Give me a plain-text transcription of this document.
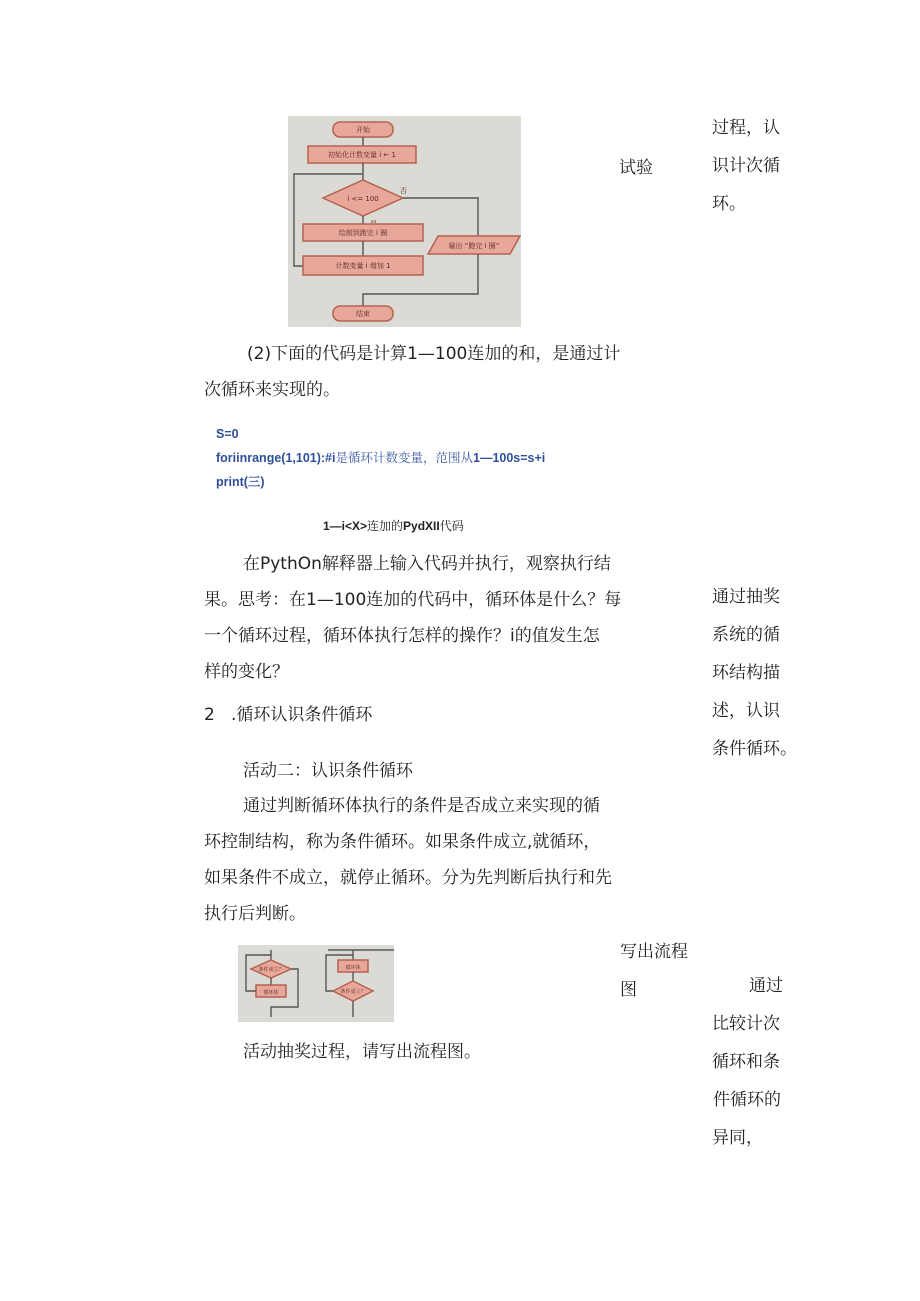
开始
初始化计数变量 i ← 1
i <= 100
否
绘制到跑完 i 圈
计数变量 i 增加 1
输出 “跑完 i 圈”
结束
过程，认
识计次循
环。
试验
通过抽奖
系统的循
环结构描
述，认识
条件循环。
写出流程
图	通过
比较计次
循环和条
件循环的
异同，
(2)下面的代码是计算1—100连加的和，是通过计
次循环来实现的。
S=0
foriinrange(1,101):#i是循环计数变量，范围从1—100s=s+i
print(三)
1—i<X>连加的PydXII代码
在PythOn解释器上输入代码并执行，观察执行结
果。思考：在1—100连加的代码中，循环体是什么？每
一个循环过程，循环体执行怎样的操作？i的值发生怎
样的变化？
2   .循环认识条件循环
活动二：认识条件循环
通过判断循环体执行的条件是否成立来实现的循
环控制结构，称为条件循环。如果条件成立,就循环，
如果条件不成立，就停止循环。分为先判断后执行和先
执行后判断。
条件成立？
循环体
循环体
条件成立？
活动抽奖过程，请写出流程图。
